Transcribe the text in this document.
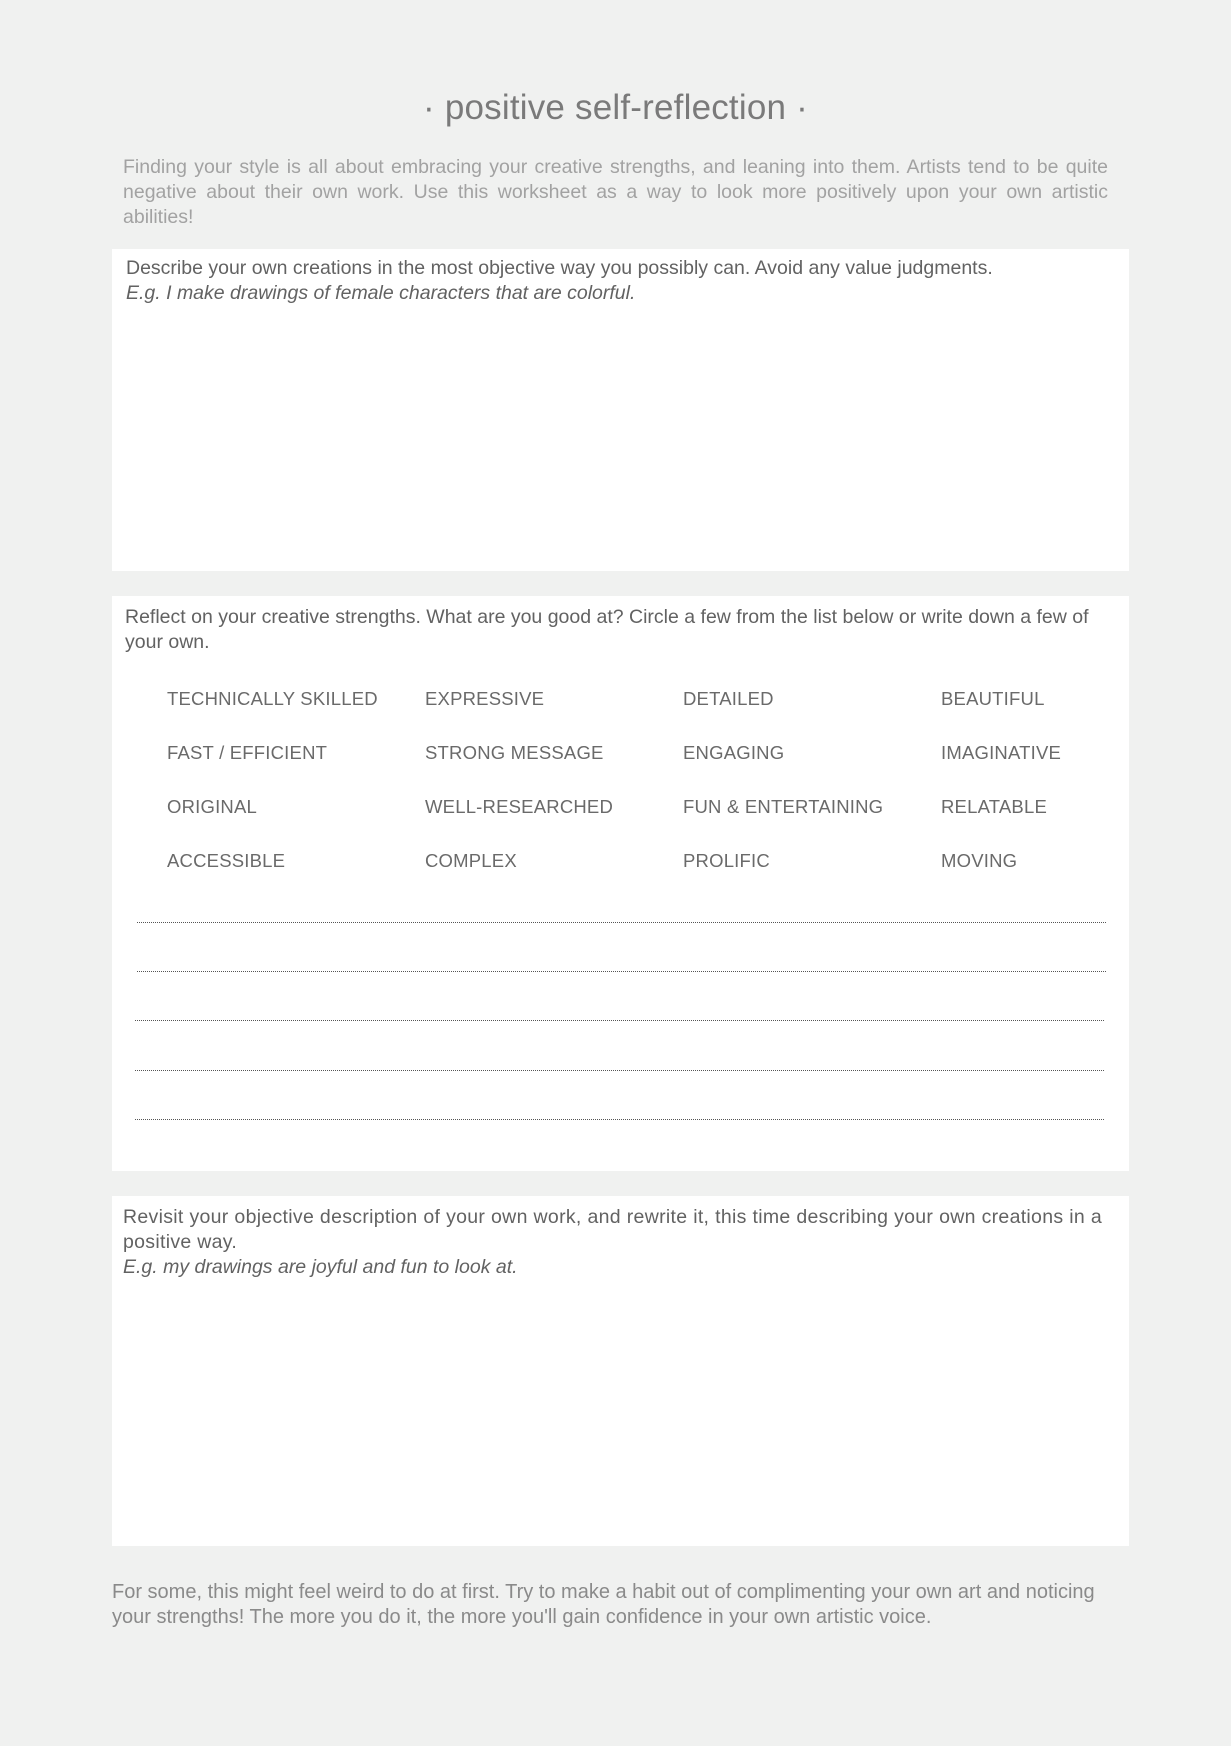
· positive self-reflection ·
Finding your style is all about embracing your creative strengths, and leaning into them. Artists tend to be quite negative about their own work. Use this worksheet as a way to look more positively upon your own artistic abilities!
Describe your own creations in the most objective way you possibly can. Avoid any value judgments.
E.g. I make drawings of female characters that are colorful.
Reflect on your creative strengths. What are you good at? Circle a few from the list below or write down a few of your own.
TECHNICALLY SKILLED	EXPRESSIVE	DETAILED	BEAUTIFUL
FAST / EFFICIENT	STRONG MESSAGE	ENGAGING	IMAGINATIVE
ORIGINAL	WELL-RESEARCHED	FUN & ENTERTAINING	RELATABLE
ACCESSIBLE	COMPLEX	PROLIFIC	MOVING
Revisit your objective description of your own work, and rewrite it, this time describing your own creations in a positive way.
E.g. my drawings are joyful and fun to look at.
For some, this might feel weird to do at first. Try to make a habit out of complimenting your own art and noticing your strengths! The more you do it, the more you'll gain confidence in your own artistic voice.
